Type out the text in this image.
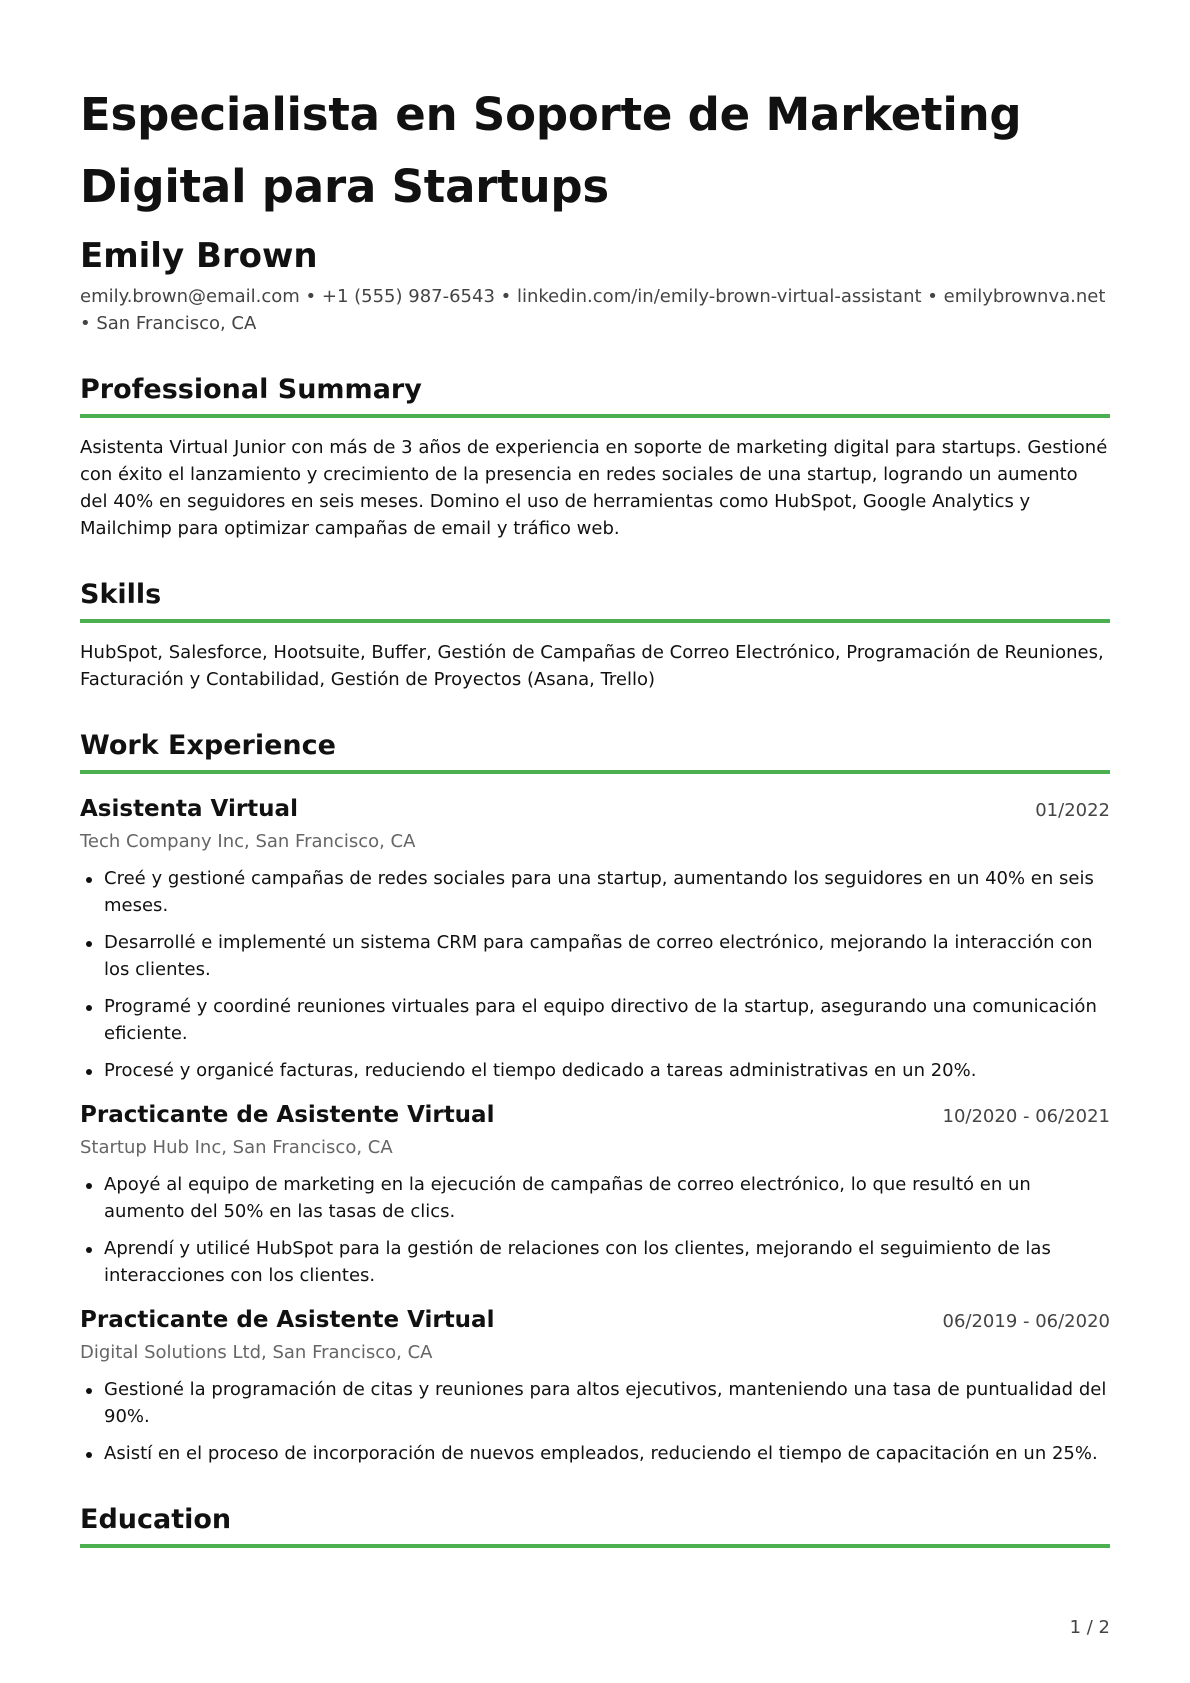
Especialista en Soporte de Marketing
Digital para Startups
Emily Brown
emily.brown@email.com • +1 (555) 987-6543 • linkedin.com/in/emily-brown-virtual-assistant • emilybrownva.net
• San Francisco, CA
Professional Summary
Asistenta Virtual Junior con más de 3 años de experiencia en soporte de marketing digital para startups. Gestioné con éxito el lanzamiento y crecimiento de la presencia en redes sociales de una startup, logrando un aumento del 40% en seguidores en seis meses. Domino el uso de herramientas como HubSpot, Google Analytics y Mailchimp para optimizar campañas de email y tráfico web.
Skills
HubSpot, Salesforce, Hootsuite, Buffer, Gestión de Campañas de Correo Electrónico, Programación de Reuniones, Facturación y Contabilidad, Gestión de Proyectos (Asana, Trello)
Work Experience
Asistenta Virtual	01/2022
Tech Company Inc, San Francisco, CA
Creé y gestioné campañas de redes sociales para una startup, aumentando los seguidores en un 40% en seis meses.
Desarrollé e implementé un sistema CRM para campañas de correo electrónico, mejorando la interacción con los clientes.
Programé y coordiné reuniones virtuales para el equipo directivo de la startup, asegurando una comunicación eficiente.
Procesé y organicé facturas, reduciendo el tiempo dedicado a tareas administrativas en un 20%.
Practicante de Asistente Virtual	10/2020 - 06/2021
Startup Hub Inc, San Francisco, CA
Apoyé al equipo de marketing en la ejecución de campañas de correo electrónico, lo que resultó en un aumento del 50% en las tasas de clics.
Aprendí y utilicé HubSpot para la gestión de relaciones con los clientes, mejorando el seguimiento de las interacciones con los clientes.
Practicante de Asistente Virtual	06/2019 - 06/2020
Digital Solutions Ltd, San Francisco, CA
Gestioné la programación de citas y reuniones para altos ejecutivos, manteniendo una tasa de puntualidad del 90%.
Asistí en el proceso de incorporación de nuevos empleados, reduciendo el tiempo de capacitación en un 25%.
Education
1 / 2
